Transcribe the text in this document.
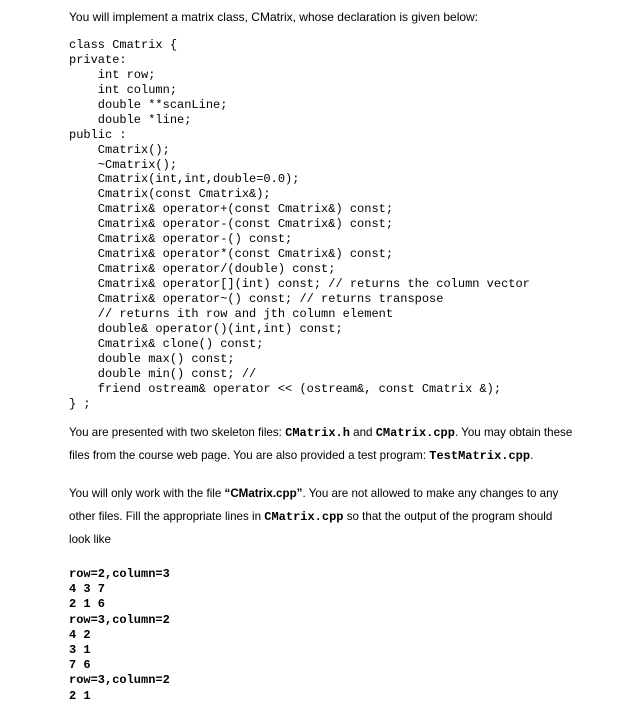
You will implement a matrix class, CMatrix, whose declaration is given below:
class Cmatrix {
private:
int row;
int column;
double **scanLine;
double *line;
public :
Cmatrix();
~Cmatrix();
Cmatrix(int,int,double=0.0);
Cmatrix(const Cmatrix&);
Cmatrix& operator+(const Cmatrix&) const;
Cmatrix& operator-(const Cmatrix&) const;
Cmatrix& operator-() const;
Cmatrix& operator*(const Cmatrix&) const;
Cmatrix& operator/(double) const;
Cmatrix& operator[](int) const; // returns the column vector
Cmatrix& operator~() const; // returns transpose
// returns ith row and jth column element
double& operator()(int,int) const;
Cmatrix& clone() const;
double max() const;
double min() const; //
friend ostream& operator << (ostream&, const Cmatrix &);
} ;
You are presented with two skeleton files: CMatrix.h and CMatrix.cpp. You may obtain these
files from the course web page. You are also provided a test program: TestMatrix.cpp.
You will only work with the file “CMatrix.cpp”. You are not allowed to make any changes to any
other files. Fill the appropriate lines in CMatrix.cpp so that the output of the program should
look like
row=2,column=3
4 3 7
2 1 6
row=3,column=2
4 2
3 1
7 6
row=3,column=2
2 1
